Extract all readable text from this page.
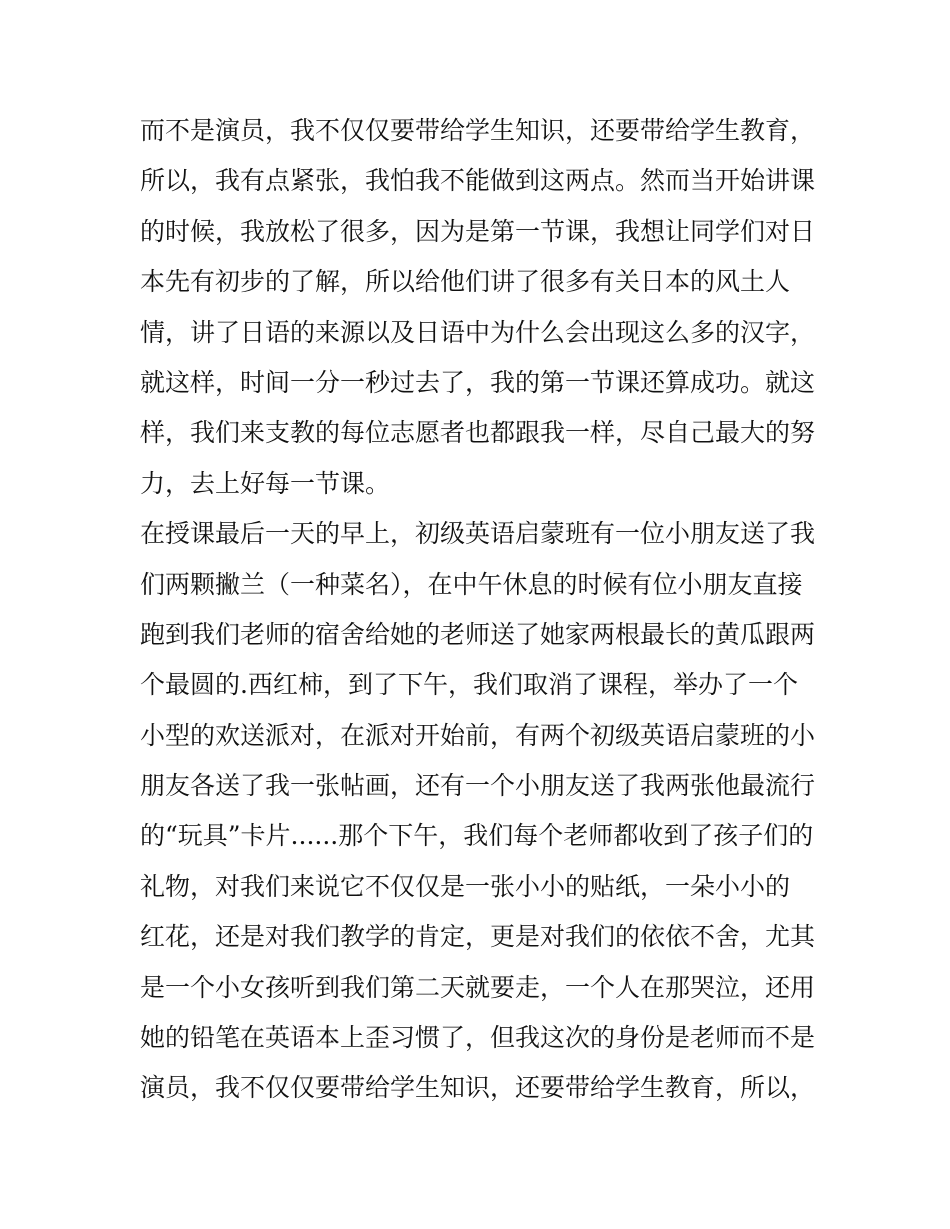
而不是演员，我不仅仅要带给学生知识，还要带给学生教育，
所以，我有点紧张，我怕我不能做到这两点。然而当开始讲课
的时候，我放松了很多，因为是第一节课，我想让同学们对日
本先有初步的了解，所以给他们讲了很多有关日本的风土人
情，讲了日语的来源以及日语中为什么会出现这么多的汉字，
就这样，时间一分一秒过去了，我的第一节课还算成功。就这
样，我们来支教的每位志愿者也都跟我一样，尽自己最大的努
力，去上好每一节课。
在授课最后一天的早上，初级英语启蒙班有一位小朋友送了我
们两颗撇兰（一种菜名），在中午休息的时候有位小朋友直接
跑到我们老师的宿舍给她的老师送了她家两根最长的黄瓜跟两
个最圆的.西红柿，到了下午，我们取消了课程，举办了一个
小型的欢送派对，在派对开始前，有两个初级英语启蒙班的小
朋友各送了我一张帖画，还有一个小朋友送了我两张他最流行
的“玩具”卡片......那个下午，我们每个老师都收到了孩子们的
礼物，对我们来说它不仅仅是一张小小的贴纸，一朵小小的
红花，还是对我们教学的肯定，更是对我们的依依不舍，尤其
是一个小女孩听到我们第二天就要走，一个人在那哭泣，还用
她的铅笔在英语本上歪习惯了，但我这次的身份是老师而不是
演员，我不仅仅要带给学生知识，还要带给学生教育，所以，
